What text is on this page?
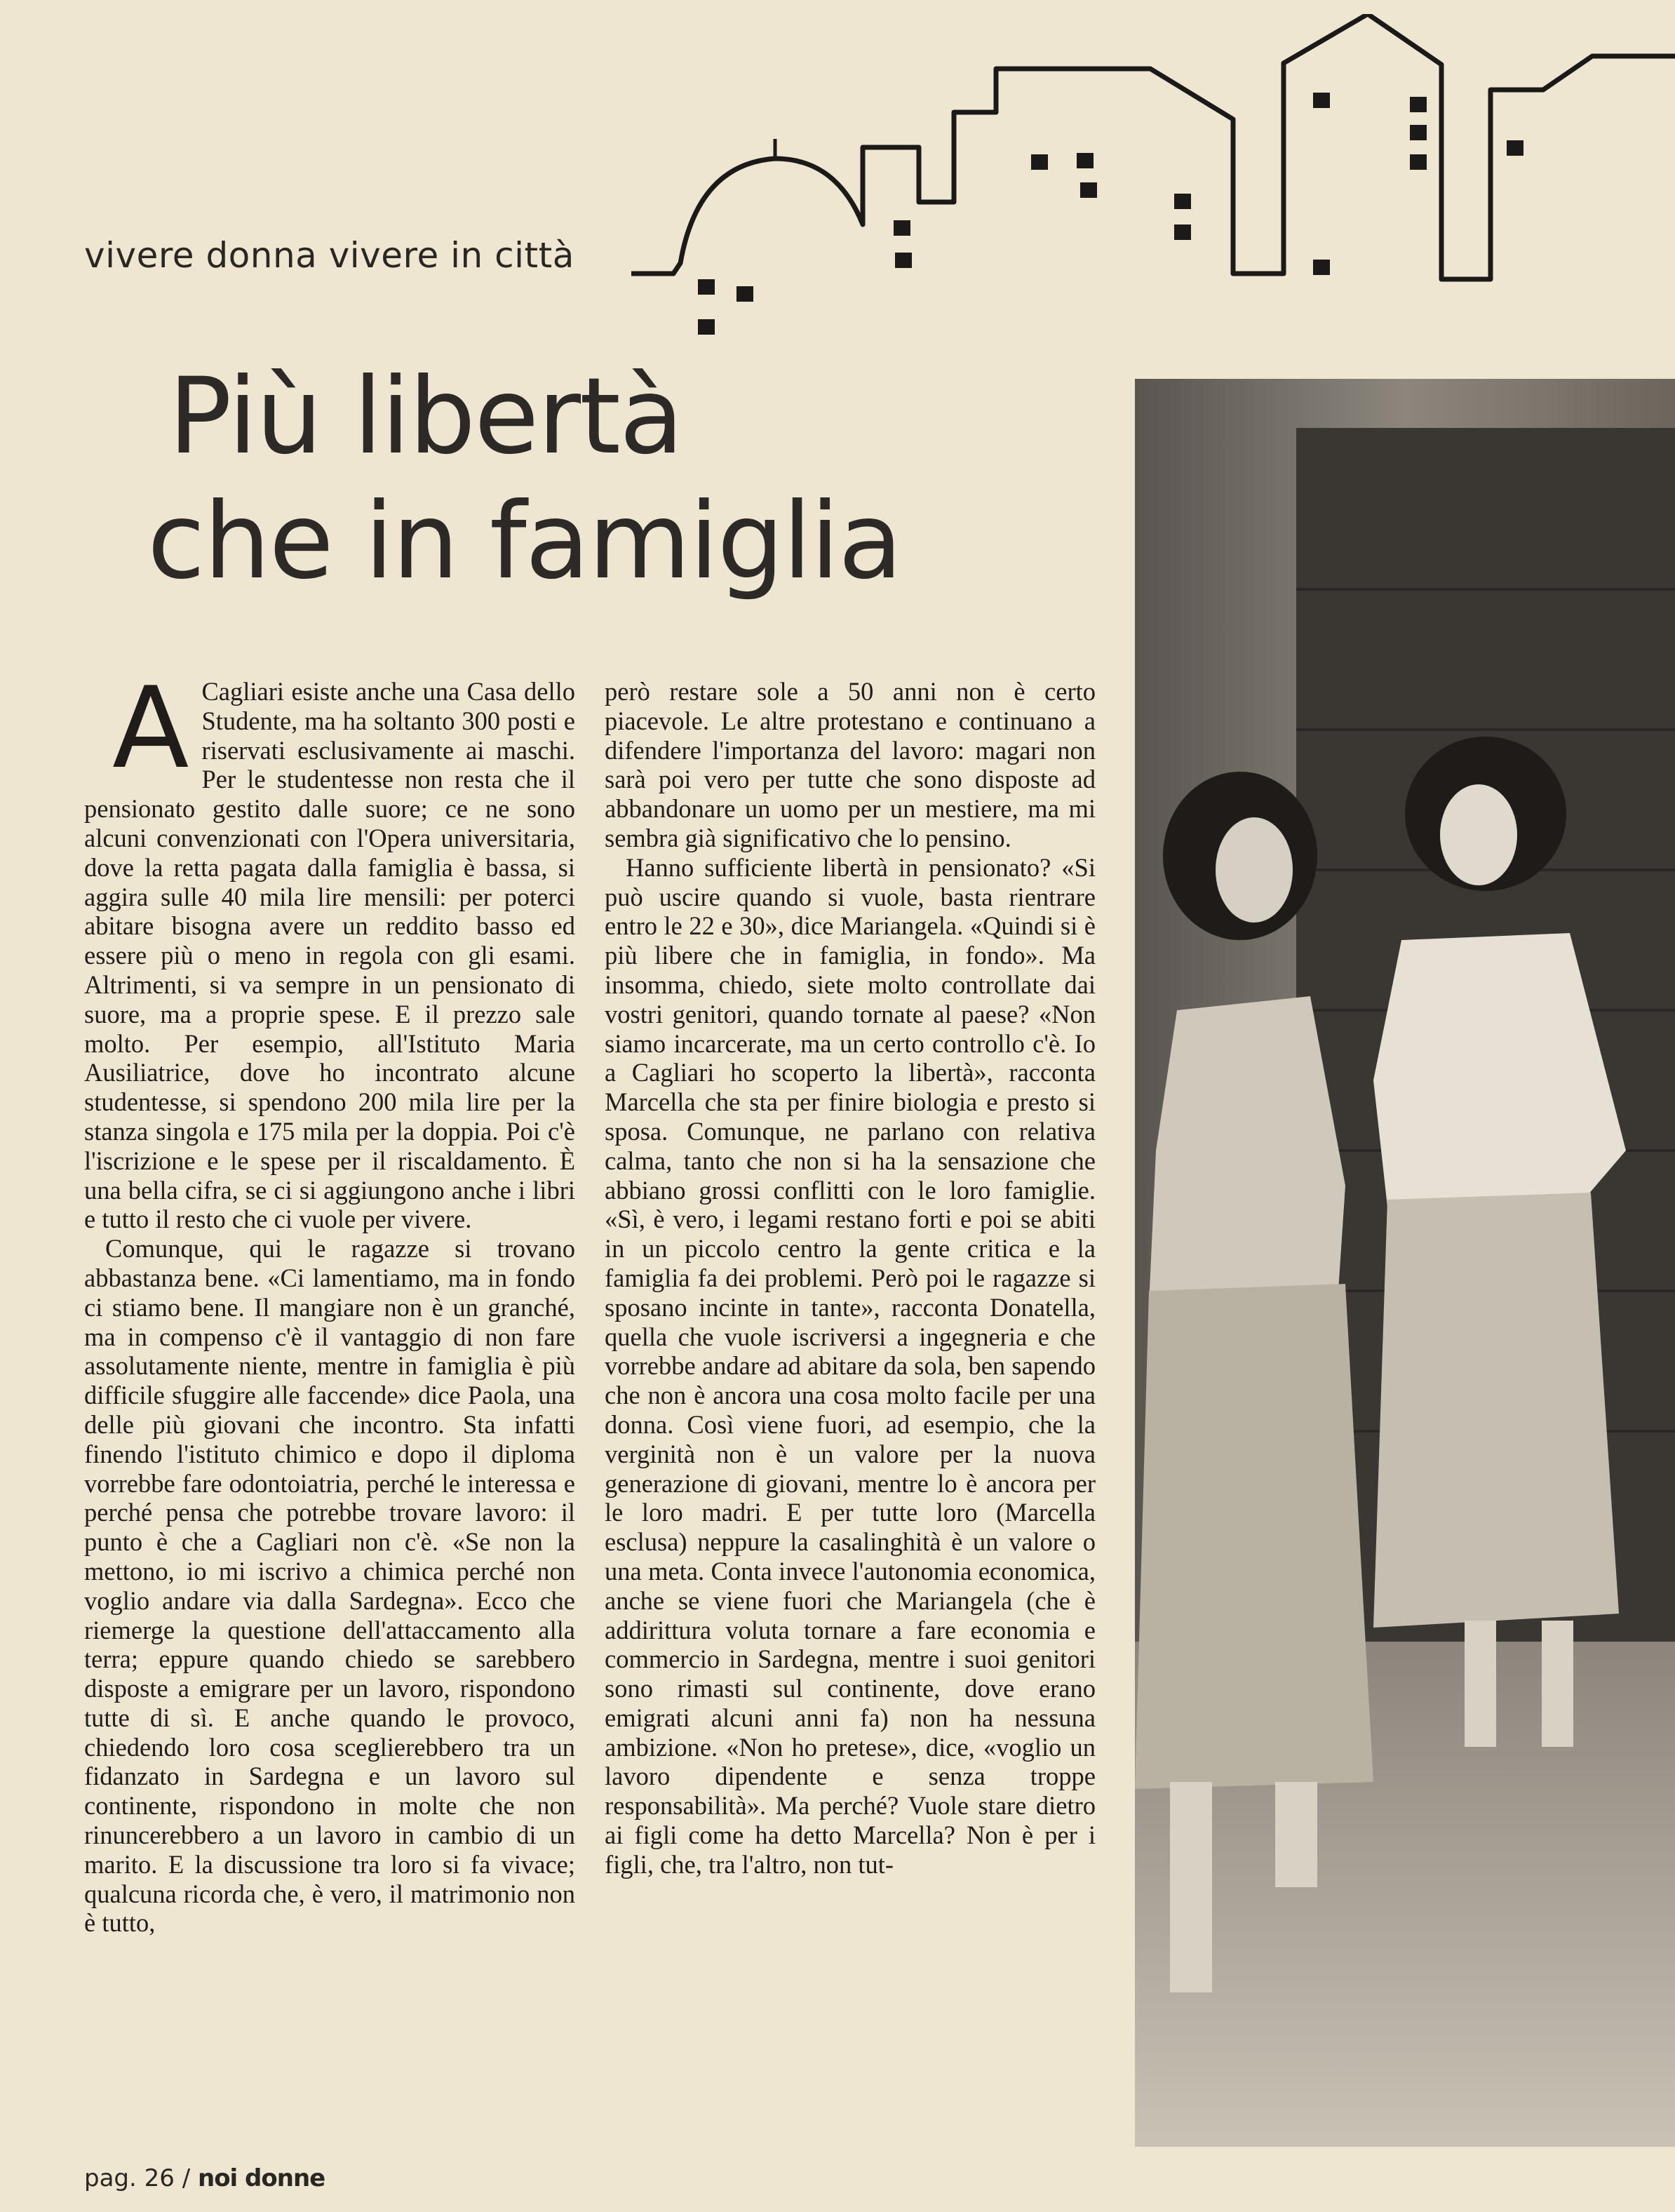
vivere donna vivere in città
Più libertà
che in famiglia

A Cagliari esiste anche una Casa dello Studente, ma ha soltanto 300 posti e riservati esclusivamente ai maschi. Per le studentesse non resta che il pensionato gestito dalle suore; ce ne sono alcuni convenzionati con l'Opera universitaria, dove la retta pagata dalla famiglia è bassa, si aggira sulle 40 mila lire mensili: per poterci abitare bisogna avere un reddito basso ed essere più o meno in regola con gli esami. Altrimenti, si va sempre in un pensionato di suore, ma a proprie spese. E il prezzo sale molto. Per esempio, all'Istituto Maria Ausiliatrice, dove ho incontrato alcune studentesse, si spendono 200 mila lire per la stanza singola e 175 mila per la doppia. Poi c'è l'iscrizione e le spese per il riscaldamento. È una bella cifra, se ci si aggiungono anche i libri e tutto il resto che ci vuole per vivere.

Comunque, qui le ragazze si trovano abbastanza bene. «Ci lamentiamo, ma in fondo ci stiamo bene. Il mangiare non è un granché, ma in compenso c'è il vantaggio di non fare assolutamente niente, mentre in famiglia è più difficile sfuggire alle faccende» dice Paola, una delle più giovani che incontro. Sta infatti finendo l'istituto chimico e dopo il diploma vorrebbe fare odontoiatria, perché le interessa e perché pensa che potrebbe trovare lavoro: il punto è che a Cagliari non c'è. «Se non la mettono, io mi iscrivo a chimica perché non voglio andare via dalla Sardegna». Ecco che riemerge la questione dell'attaccamento alla terra; eppure quando chiedo se sarebbero disposte a emigrare per un lavoro, rispondono tutte di sì. E anche quando le provoco, chiedendo loro cosa sceglierebbero tra un fidanzato in Sardegna e un lavoro sul continente, rispondono in molte che non rinuncerebbero a un lavoro in cambio di un marito. E la discussione tra loro si fa vivace; qualcuna ricorda che, è vero, il matrimonio non è tutto,

però restare sole a 50 anni non è certo piacevole. Le altre protestano e continuano a difendere l'importanza del lavoro: magari non sarà poi vero per tutte che sono disposte ad abbandonare un uomo per un mestiere, ma mi sembra già significativo che lo pensino.

Hanno sufficiente libertà in pensionato? «Si può uscire quando si vuole, basta rientrare entro le 22 e 30», dice Mariangela. «Quindi si è più libere che in famiglia, in fondo». Ma insomma, chiedo, siete molto controllate dai vostri genitori, quando tornate al paese? «Non siamo incarcerate, ma un certo controllo c'è. Io a Cagliari ho scoperto la libertà», racconta Marcella che sta per finire biologia e presto si sposa. Comunque, ne parlano con relativa calma, tanto che non si ha la sensazione che abbiano grossi conflitti con le loro famiglie. «Sì, è vero, i legami restano forti e poi se abiti in un piccolo centro la gente critica e la famiglia fa dei problemi. Però poi le ragazze si sposano incinte in tante», racconta Donatella, quella che vuole iscriversi a ingegneria e che vorrebbe andare ad abitare da sola, ben sapendo che non è ancora una cosa molto facile per una donna. Così viene fuori, ad esempio, che la verginità non è un valore per la nuova generazione di giovani, mentre lo è ancora per le loro madri. E per tutte loro (Marcella esclusa) neppure la casalinghità è un valore o una meta. Conta invece l'autonomia economica, anche se viene fuori che Mariangela (che è addirittura voluta tornare a fare economia e commercio in Sardegna, mentre i suoi genitori sono rimasti sul continente, dove erano emigrati alcuni anni fa) non ha nessuna ambizione. «Non ho pretese», dice, «voglio un lavoro dipendente e senza troppe responsabilità». Ma perché? Vuole stare dietro ai figli come ha detto Marcella? Non è per i figli, che, tra l'altro, non tut-

pag. 26 / noi donne
